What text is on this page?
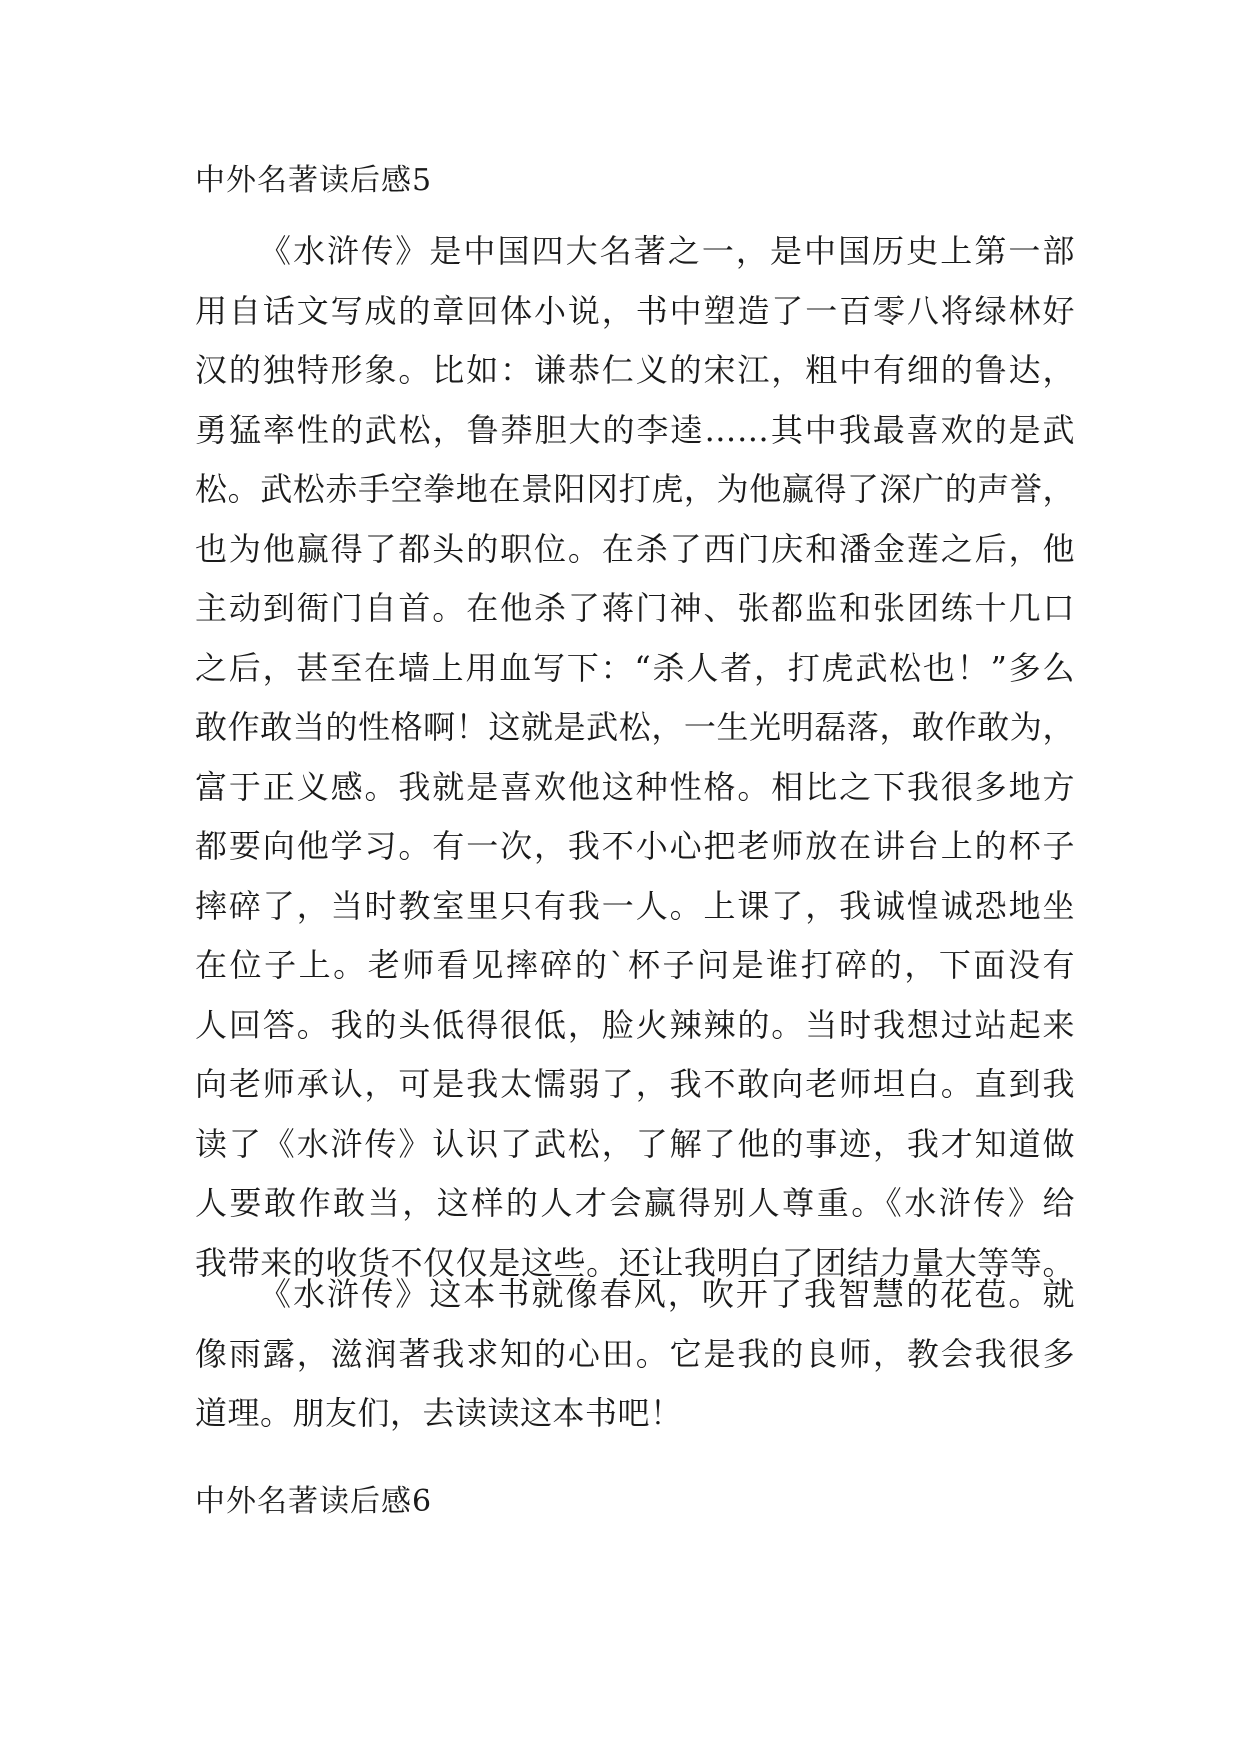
中外名著读后感5
《水浒传》是中国四大名著之一，是中国历史上第一部
用自话文写成的章回体小说，书中塑造了一百零八将绿林好
汉的独特形象。比如：谦恭仁义的宋江，粗中有细的鲁达，
勇猛率性的武松，鲁莽胆大的李逵……其中我最喜欢的是武
松。武松赤手空拳地在景阳冈打虎，为他赢得了深广的声誉，
也为他赢得了都头的职位。在杀了西门庆和潘金莲之后，他
主动到衙门自首。在他杀了蒋门神、张都监和张团练十几口
之后，甚至在墙上用血写下：“杀人者，打虎武松也！”多么
敢作敢当的性格啊！这就是武松，一生光明磊落，敢作敢为，
富于正义感。我就是喜欢他这种性格。相比之下我很多地方
都要向他学习。有一次，我不小心把老师放在讲台上的杯子
摔碎了，当时教室里只有我一人。上课了，我诚惶诚恐地坐
在位子上。老师看见摔碎的`杯子问是谁打碎的，下面没有
人回答。我的头低得很低，脸火辣辣的。当时我想过站起来
向老师承认，可是我太懦弱了，我不敢向老师坦白。直到我
读了《水浒传》认识了武松，了解了他的事迹，我才知道做
人要敢作敢当，这样的人才会赢得别人尊重。《水浒传》给
我带来的收货不仅仅是这些。还让我明白了团结力量大等等。
《水浒传》这本书就像春风，吹开了我智慧的花苞。就
像雨露，滋润著我求知的心田。它是我的良师，教会我很多
道理。朋友们，去读读这本书吧！
中外名著读后感6
